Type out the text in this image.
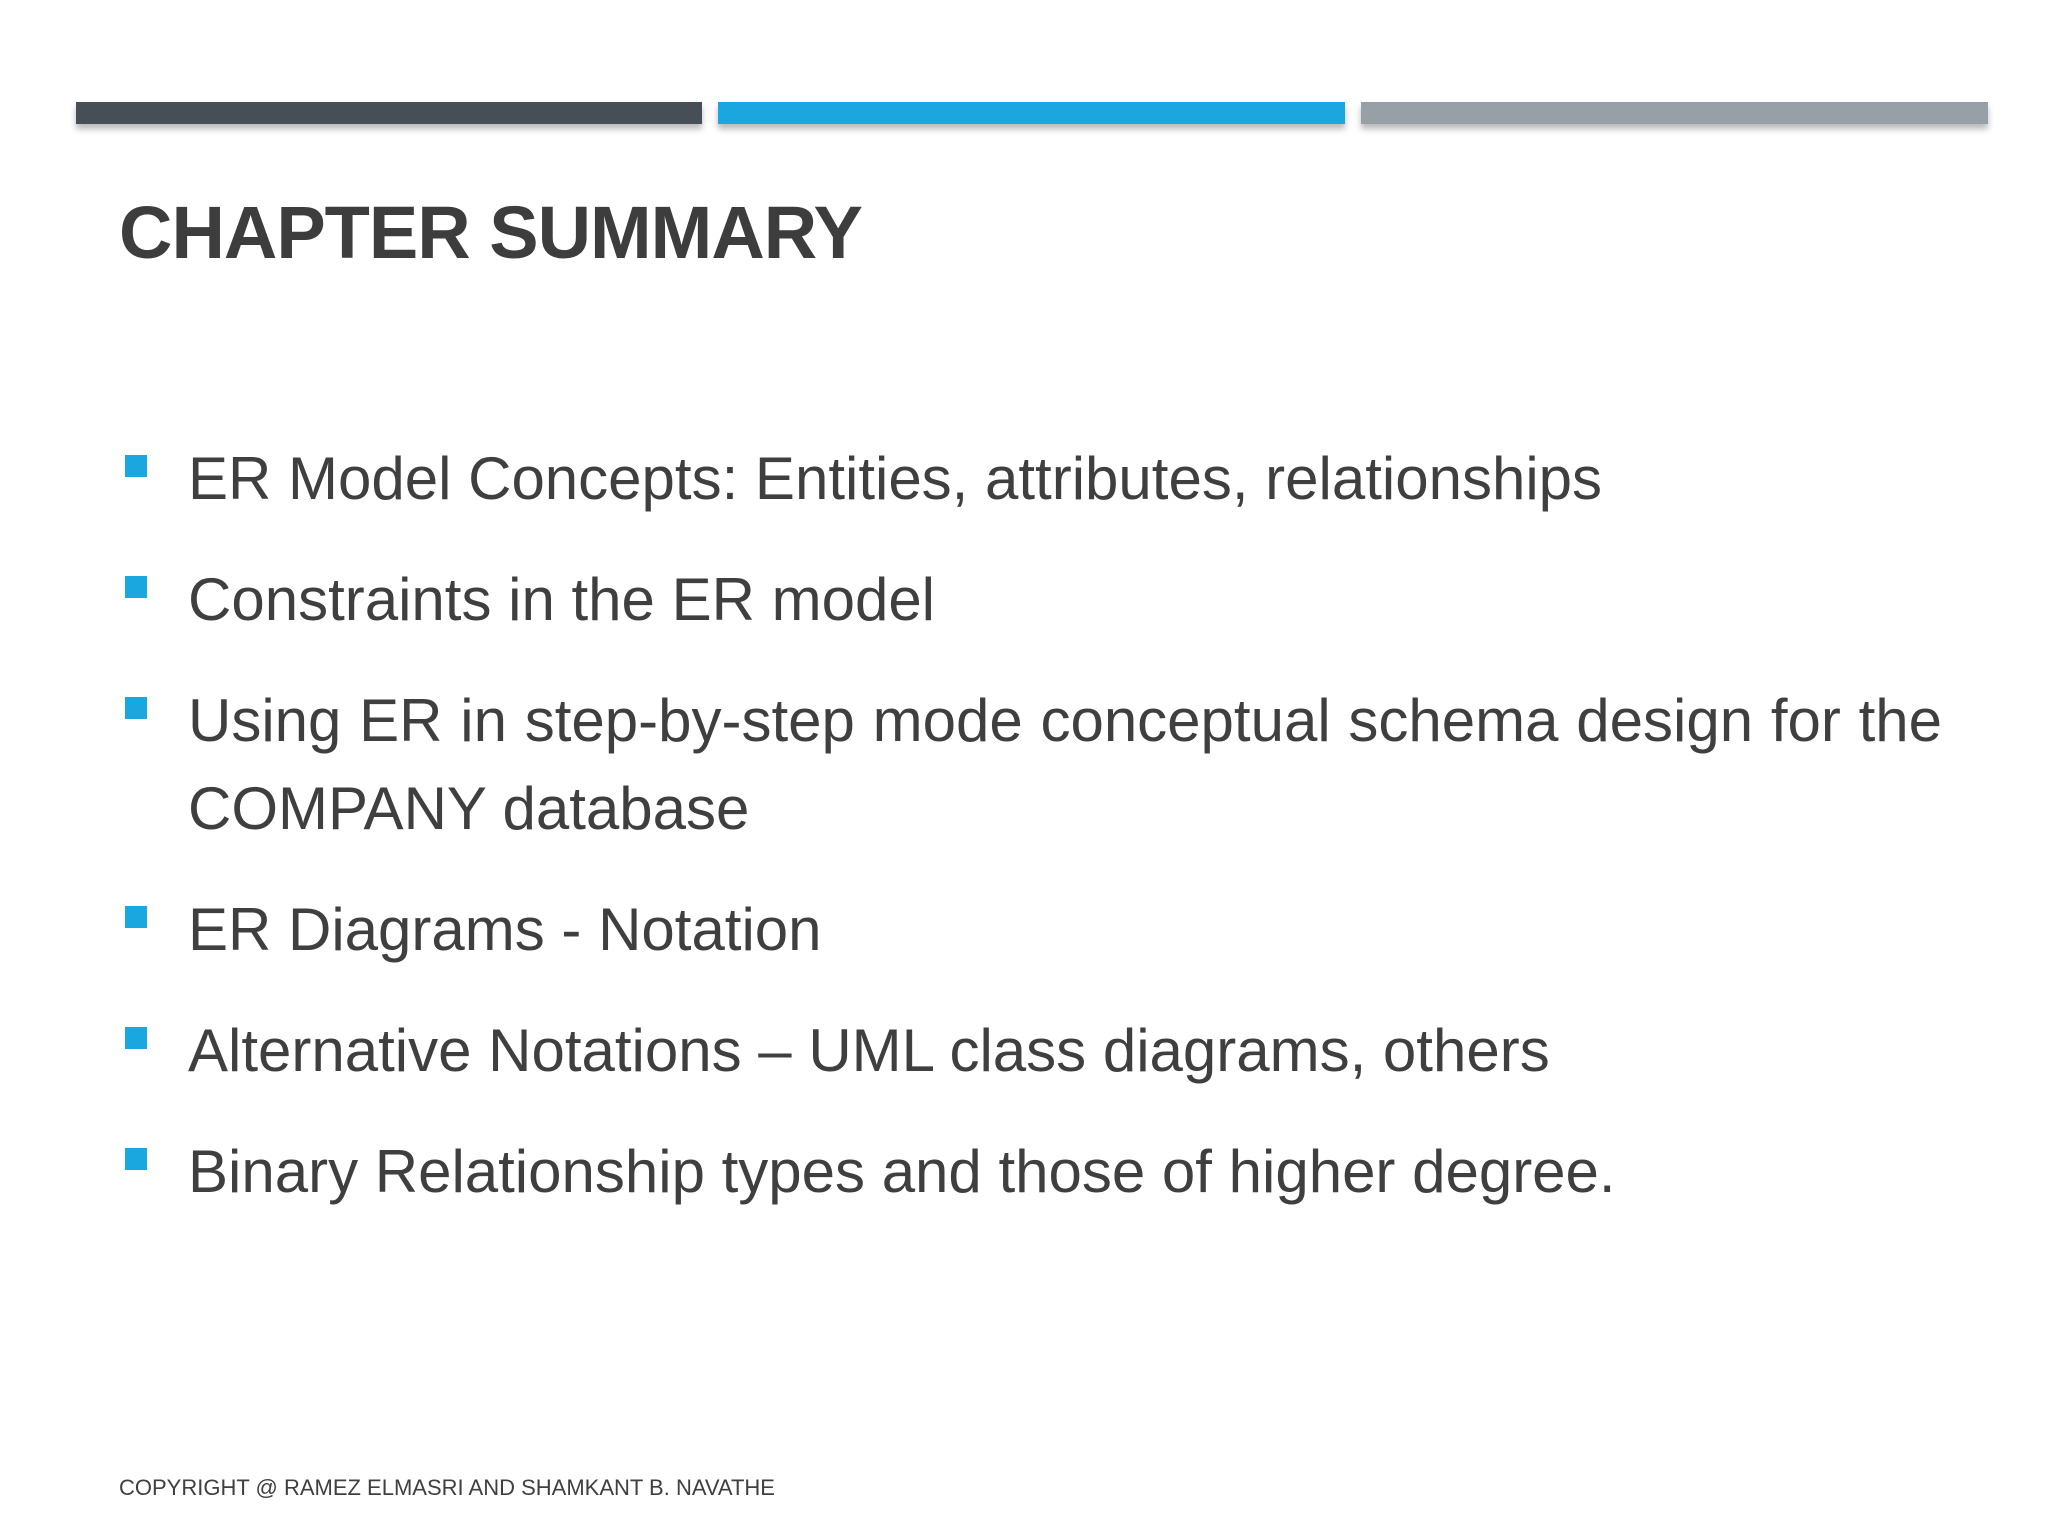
CHAPTER SUMMARY
ER Model Concepts: Entities, attributes, relationships
Constraints in the ER model
Using ER in step-by-step mode conceptual schema design for the COMPANY database
ER Diagrams - Notation
Alternative Notations – UML class diagrams, others
Binary Relationship types and those of higher degree.
COPYRIGHT @ RAMEZ ELMASRI AND SHAMKANT B. NAVATHE
